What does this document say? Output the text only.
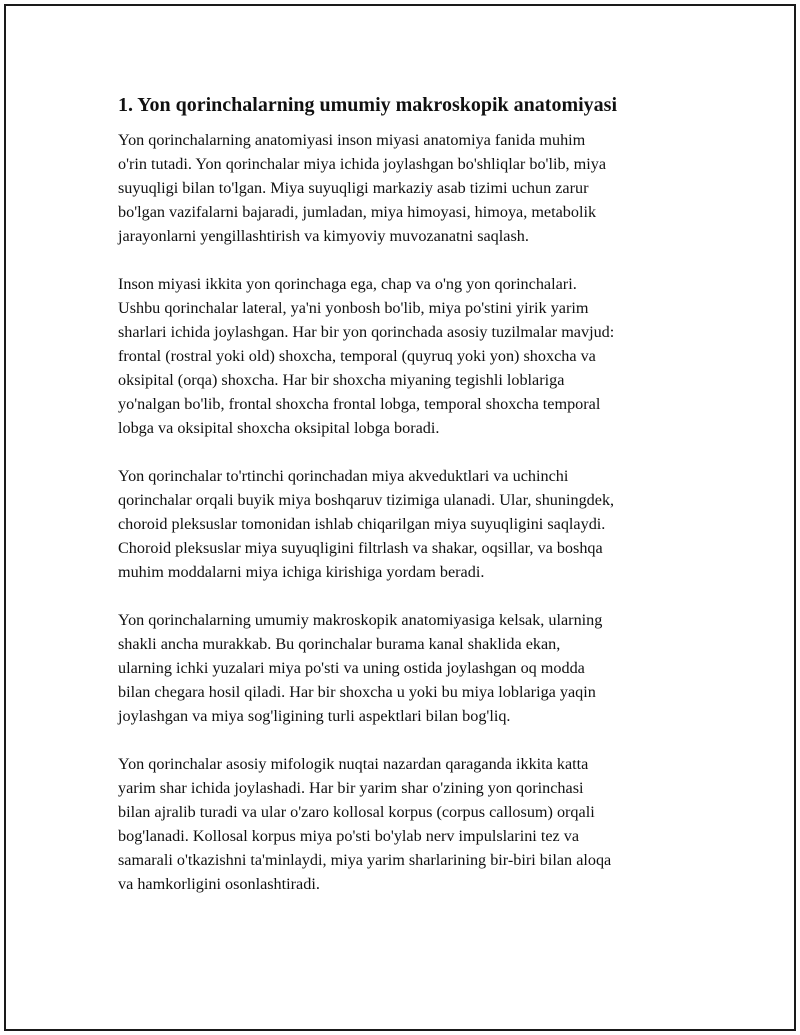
1. Yon qorinchalarning umumiy makroskopik anatomiyasi
Yon qorinchalarning anatomiyasi inson miyasi anatomiya fanida muhim
o'rin tutadi. Yon qorinchalar miya ichida joylashgan bo'shliqlar bo'lib, miya
suyuqligi bilan to'lgan. Miya suyuqligi markaziy asab tizimi uchun zarur
bo'lgan vazifalarni bajaradi, jumladan, miya himoyasi, himoya, metabolik
jarayonlarni yengillashtirish va kimyoviy muvozanatni saqlash.
Inson miyasi ikkita yon qorinchaga ega, chap va o'ng yon qorinchalari.
Ushbu qorinchalar lateral, ya'ni yonbosh bo'lib, miya po'stini yirik yarim
sharlari ichida joylashgan. Har bir yon qorinchada asosiy tuzilmalar mavjud:
frontal (rostral yoki old) shoxcha, temporal (quyruq yoki yon) shoxcha va
oksipital (orqa) shoxcha. Har bir shoxcha miyaning tegishli loblariga
yo'nalgan bo'lib, frontal shoxcha frontal lobga, temporal shoxcha temporal
lobga va oksipital shoxcha oksipital lobga boradi.
Yon qorinchalar to'rtinchi qorinchadan miya akveduktlari va uchinchi
qorinchalar orqali buyik miya boshqaruv tizimiga ulanadi. Ular, shuningdek,
choroid pleksuslar tomonidan ishlab chiqarilgan miya suyuqligini saqlaydi.
Choroid pleksuslar miya suyuqligini filtrlash va shakar, oqsillar, va boshqa
muhim moddalarni miya ichiga kirishiga yordam beradi.
Yon qorinchalarning umumiy makroskopik anatomiyasiga kelsak, ularning
shakli ancha murakkab. Bu qorinchalar burama kanal shaklida ekan,
ularning ichki yuzalari miya po'sti va uning ostida joylashgan oq modda
bilan chegara hosil qiladi. Har bir shoxcha u yoki bu miya loblariga yaqin
joylashgan va miya sog'ligining turli aspektlari bilan bog'liq.
Yon qorinchalar asosiy mifologik nuqtai nazardan qaraganda ikkita katta
yarim shar ichida joylashadi. Har bir yarim shar o'zining yon qorinchasi
bilan ajralib turadi va ular o'zaro kollosal korpus (corpus callosum) orqali
bog'lanadi. Kollosal korpus miya po'sti bo'ylab nerv impulslarini tez va
samarali o'tkazishni ta'minlaydi, miya yarim sharlarining bir-biri bilan aloqa
va hamkorligini osonlashtiradi.
